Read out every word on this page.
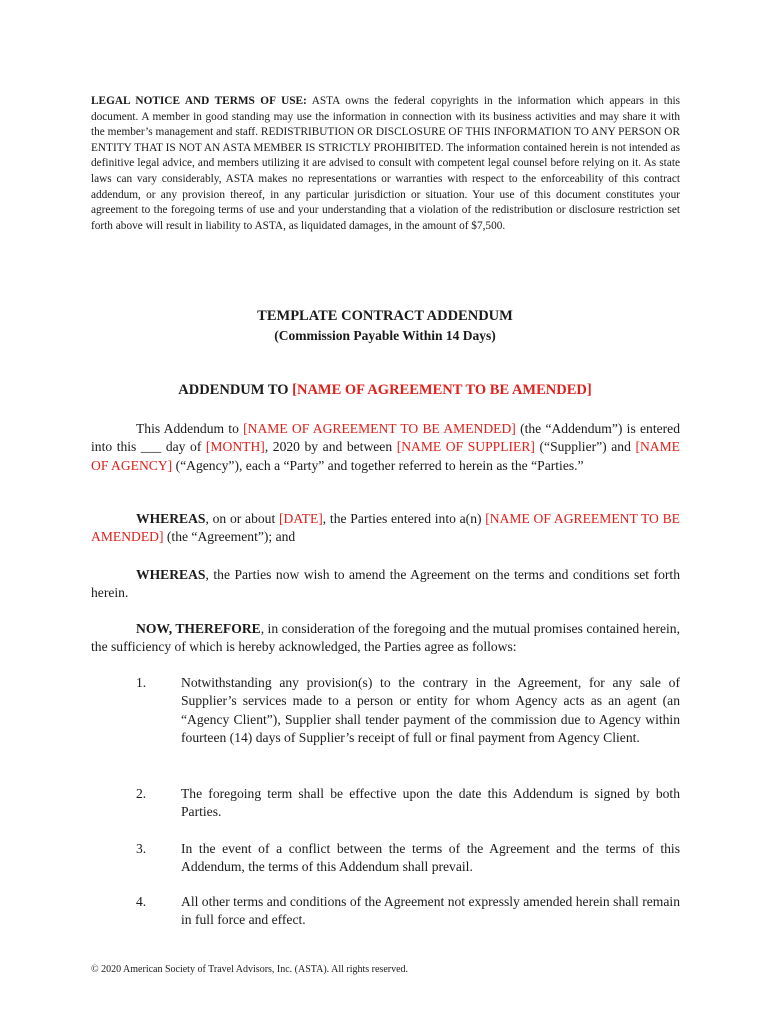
LEGAL NOTICE AND TERMS OF USE: ASTA owns the federal copyrights in the information which appears in this document. A member in good standing may use the information in connection with its business activities and may share it with the member’s management and staff. REDISTRIBUTION OR DISCLOSURE OF THIS INFORMATION TO ANY PERSON OR ENTITY THAT IS NOT AN ASTA MEMBER IS STRICTLY PROHIBITED. The information contained herein is not intended as definitive legal advice, and members utilizing it are advised to consult with competent legal counsel before relying on it. As state laws can vary considerably, ASTA makes no representations or warranties with respect to the enforceability of this contract addendum, or any provision thereof, in any particular jurisdiction or situation. Your use of this document constitutes your agreement to the foregoing terms of use and your understanding that a violation of the redistribution or disclosure restriction set forth above will result in liability to ASTA, as liquidated damages, in the amount of $7,500.
TEMPLATE CONTRACT ADDENDUM
(Commission Payable Within 14 Days)
ADDENDUM TO [NAME OF AGREEMENT TO BE AMENDED]
This Addendum to [NAME OF AGREEMENT TO BE AMENDED] (the “Addendum”) is entered into this ___ day of [MONTH], 2020 by and between [NAME OF SUPPLIER] (“Supplier”) and [NAME OF AGENCY] (“Agency”), each a “Party” and together referred to herein as the “Parties.”
WHEREAS, on or about [DATE], the Parties entered into a(n) [NAME OF AGREEMENT TO BE AMENDED] (the “Agreement”); and
WHEREAS, the Parties now wish to amend the Agreement on the terms and conditions set forth herein.
NOW, THEREFORE, in consideration of the foregoing and the mutual promises contained herein, the sufficiency of which is hereby acknowledged, the Parties agree as follows:
1.	Notwithstanding any provision(s) to the contrary in the Agreement, for any sale of Supplier’s services made to a person or entity for whom Agency acts as an agent (an “Agency Client”), Supplier shall tender payment of the commission due to Agency within fourteen (14) days of Supplier’s receipt of full or final payment from Agency Client.
2.	The foregoing term shall be effective upon the date this Addendum is signed by both Parties.
3.	In the event of a conflict between the terms of the Agreement and the terms of this Addendum, the terms of this Addendum shall prevail.
4.	All other terms and conditions of the Agreement not expressly amended herein shall remain in full force and effect.
© 2020 American Society of Travel Advisors, Inc. (ASTA). All rights reserved.
